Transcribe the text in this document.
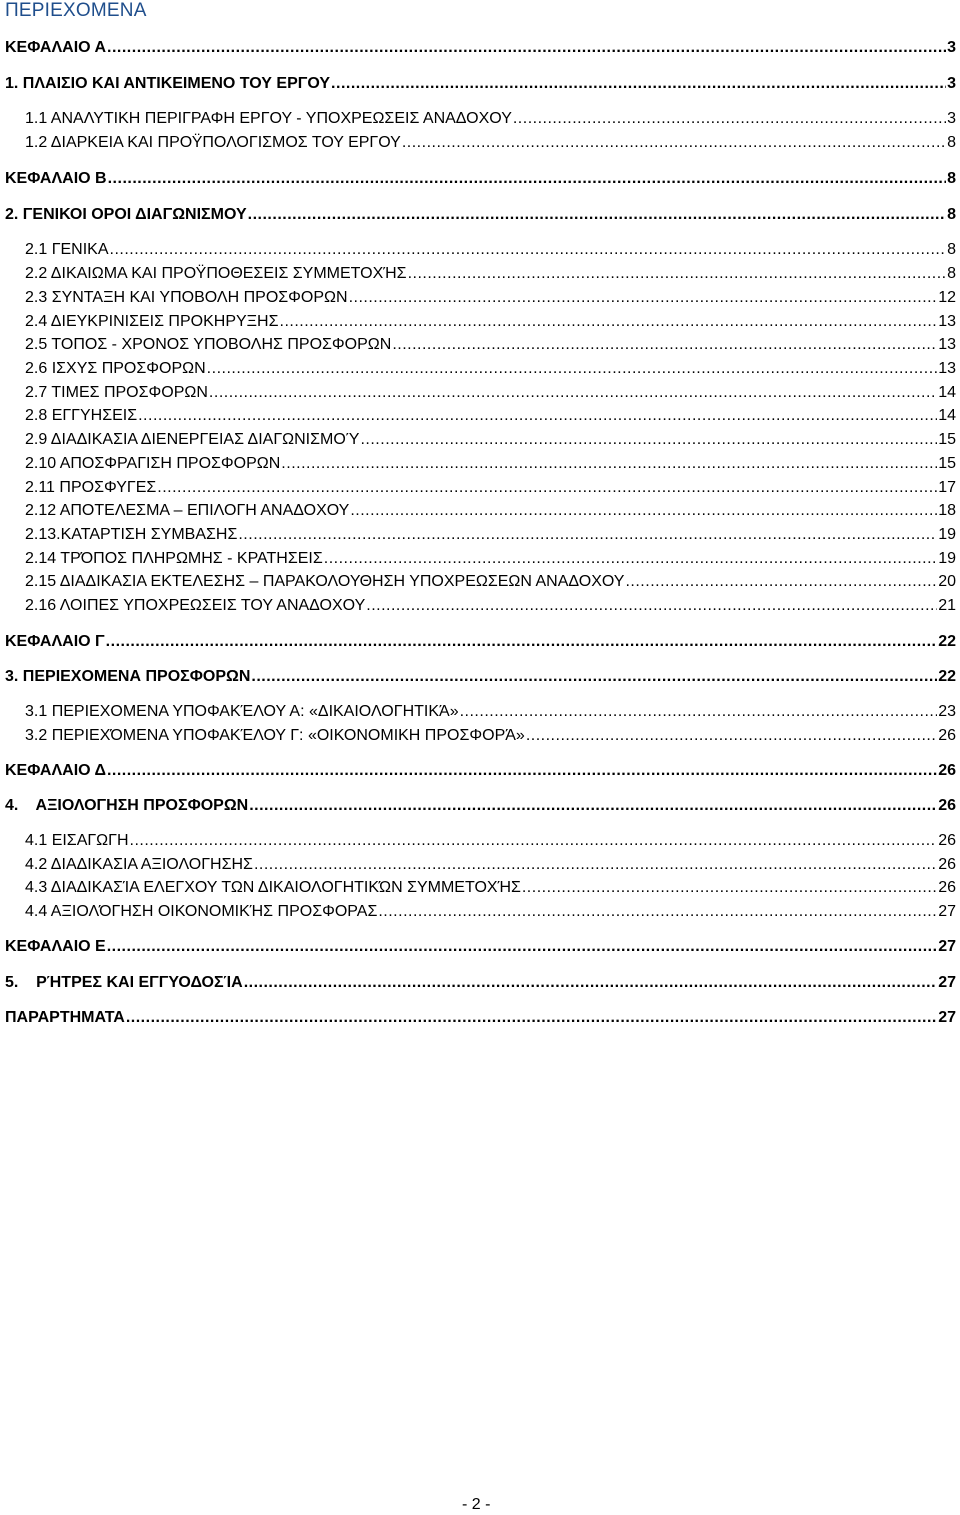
ΠΕΡΙΕΧΟΜΕΝΑ
ΚΕΦΑΛΑΙΟ Α .....	3
1. ΠΛΑΙΣΙΟ ΚΑΙ ΑΝΤΙΚΕΙΜΕΝΟ ΤΟΥ ΕΡΓΟΥ .....	3
1.1 ΑΝΑΛΥΤΙΚΗ ΠΕΡΙΓΡΑΦΗ ΕΡΓΟΥ - ΥΠΟΧΡΕΩΣΕΙΣ ΑΝΑΔΟΧΟΥ .....	3
1.2 ΔΙΑΡΚΕΙΑ ΚΑΙ ΠΡΟΫΠΟΛΟΓΙΣΜΟΣ ΤΟΥ ΕΡΓΟΥ .....	8
ΚΕΦΑΛΑΙΟ Β .....	8
2. ΓΕΝΙΚΟΙ ΟΡΟΙ ΔΙΑΓΩΝΙΣΜΟΥ .....	8
2.1 ΓΕΝΙΚΑ .....	8
2.2 ΔΙΚΑΙΩΜΑ ΚΑΙ ΠΡΟΫΠΟΘΕΣΕΙΣ ΣΥΜΜΕΤΟΧΉΣ .....	8
2.3 ΣΥΝΤΑΞΗ ΚΑΙ ΥΠΟΒΟΛΗ ΠΡΟΣΦΟΡΩΝ .....	12
2.4 ΔΙΕΥΚΡΙΝΙΣΕΙΣ ΠΡΟΚΗΡΥΞΗΣ .....	13
2.5 ΤΟΠΟΣ - ΧΡΟΝΟΣ ΥΠΟΒΟΛΗΣ ΠΡΟΣΦΟΡΩΝ .....	13
2.6 ΙΣΧΥΣ ΠΡΟΣΦΟΡΩΝ .....	13
2.7 ΤΙΜΕΣ ΠΡΟΣΦΟΡΩΝ .....	14
2.8 ΕΓΓΥΗΣΕΙΣ .....	14
2.9 ΔΙΑΔΙΚΑΣΙΑ ΔΙΕΝΕΡΓΕΙΑΣ ΔΙΑΓΩΝΙΣΜΟΎ .....	15
2.10 ΑΠΟΣΦΡΑΓΙΣΗ ΠΡΟΣΦΟΡΩΝ .....	15
2.11 ΠΡΟΣΦΥΓΕΣ .....	17
2.12 ΑΠΟΤΕΛΕΣΜΑ – ΕΠΙΛΟΓΗ ΑΝΑΔΟΧΟΥ .....	18
2.13.ΚΑΤΑΡΤΙΣΗ ΣΥΜΒΑΣΗΣ .....	19
2.14 ΤΡΌΠΟΣ ΠΛΗΡΩΜΗΣ - ΚΡΑΤΗΣΕΙΣ .....	19
2.15 ΔΙΑΔΙΚΑΣΙΑ ΕΚΤΕΛΕΣΗΣ – ΠΑΡΑΚΟΛΟΥΘΗΣΗ ΥΠΟΧΡΕΩΣΕΩΝ ΑΝΑΔΟΧΟΥ .....	20
2.16 ΛΟΙΠΕΣ ΥΠΟΧΡΕΩΣΕΙΣ ΤΟΥ ΑΝΑΔΟΧΟΥ .....	21
ΚΕΦΑΛΑΙΟ Γ .....	22
3. ΠΕΡΙΕΧΟΜΕΝΑ ΠΡΟΣΦΟΡΩΝ .....	22
3.1 ΠΕΡΙΕΧΟΜΕΝΑ ΥΠΟΦΑΚΈΛΟΥ Α: «ΔΙΚΑΙΟΛΟΓΗΤΙΚΆ» .....	23
3.2 ΠΕΡΙΕΧΌΜΕΝΑ ΥΠΟΦΑΚΈΛΟΥ Γ: «ΟΙΚΟΝΟΜΙΚΗ ΠΡΟΣΦΟΡΆ» .....	26
ΚΕΦΑΛΑΙΟ Δ .....	26
4.    ΑΞΙΟΛΟΓΗΣΗ ΠΡΟΣΦΟΡΩΝ .....	26
4.1 ΕΙΣΑΓΩΓΗ .....	26
4.2 ΔΙΑΔΙΚΑΣΙΑ ΑΞΙΟΛΟΓΗΣΗΣ .....	26
4.3 ΔΙΑΔΙΚΑΣΊΑ ΕΛΕΓΧΟΥ ΤΩΝ ΔΙΚΑΙΟΛΟΓΗΤΙΚΏΝ ΣΥΜΜΕΤΟΧΉΣ .....	26
4.4 ΑΞΙΟΛΌΓΗΣΗ ΟΙΚΟΝΟΜΙΚΉΣ ΠΡΟΣΦΟΡΑΣ .....	27
ΚΕΦΑΛΑΙΟ Ε .....	27
5.    ΡΉΤΡΕΣ ΚΑΙ ΕΓΓΥΟΔΟΣΊΑ .....	27
ΠΑΡΑΡΤΗΜΑΤΑ .....	27
- 2 -
